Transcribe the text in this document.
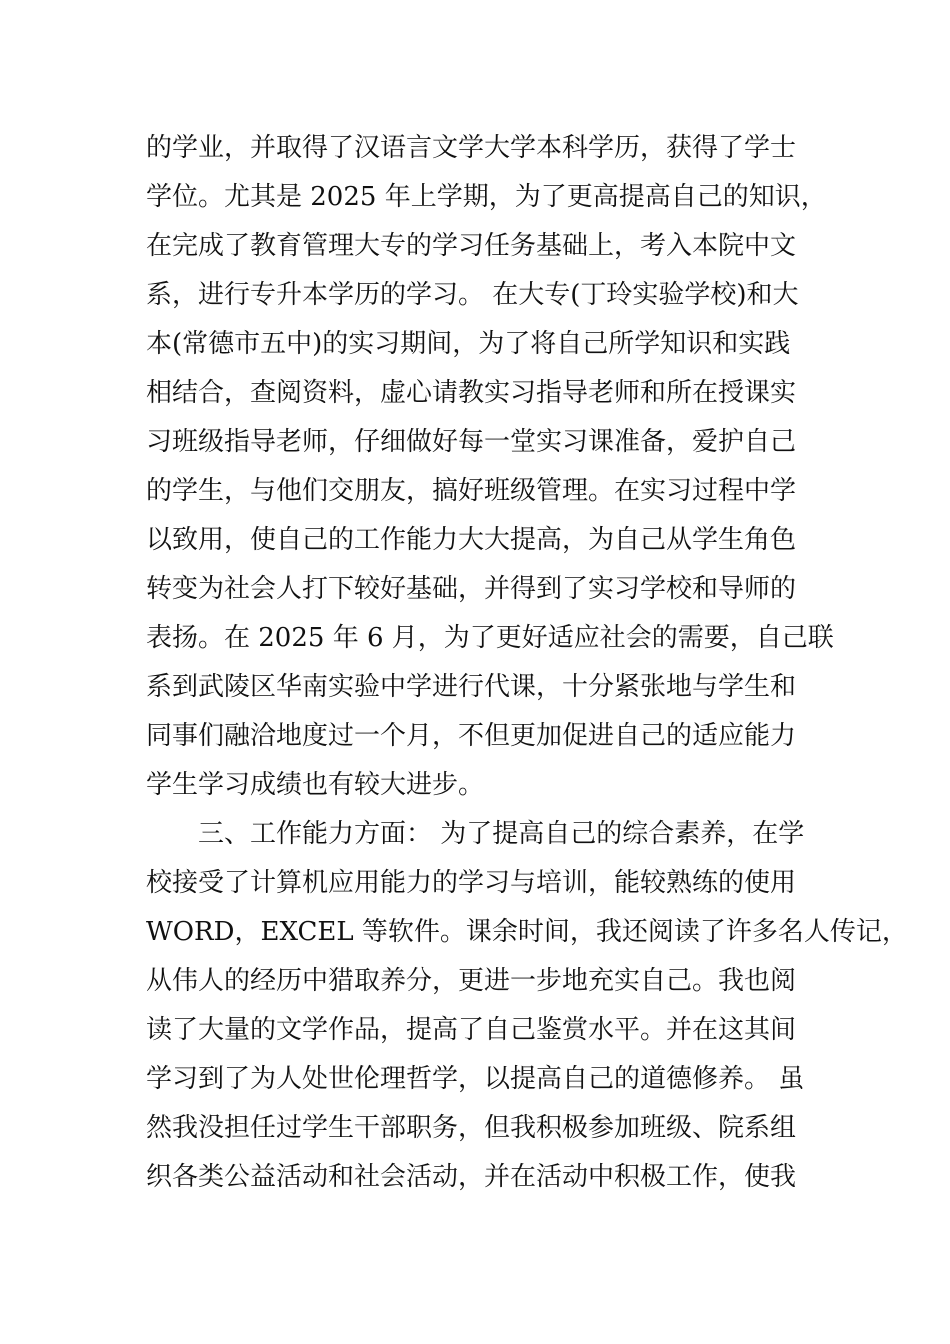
的学业，并取得了汉语言文学大学本科学历，获得了学士
学位。尤其是 2025 年上学期，为了更高提高自己的知识，
在完成了教育管理大专的学习任务基础上，考入本院中文
系，进行专升本学历的学习。 在大专(丁玲实验学校)和大
本(常德市五中)的实习期间，为了将自己所学知识和实践
相结合，查阅资料，虚心请教实习指导老师和所在授课实
习班级指导老师，仔细做好每一堂实习课准备，爱护自己
的学生，与他们交朋友，搞好班级管理。在实习过程中学
以致用，使自己的工作能力大大提高，为自己从学生角色
转变为社会人打下较好基础，并得到了实习学校和导师的
表扬。在 2025 年 6 月，为了更好适应社会的需要，自己联
系到武陵区华南实验中学进行代课，十分紧张地与学生和
同事们融洽地度过一个月，不但更加促进自己的适应能力
学生学习成绩也有较大进步。
三、工作能力方面： 为了提高自己的综合素养，在学
校接受了计算机应用能力的学习与培训，能较熟练的使用
WORD，EXCEL 等软件。课余时间，我还阅读了许多名人传记，
从伟人的经历中猎取养分，更进一步地充实自己。我也阅
读了大量的文学作品，提高了自己鉴赏水平。并在这其间
学习到了为人处世伦理哲学，以提高自己的道德修养。 虽
然我没担任过学生干部职务，但我积极参加班级、院系组
织各类公益活动和社会活动，并在活动中积极工作，使我
